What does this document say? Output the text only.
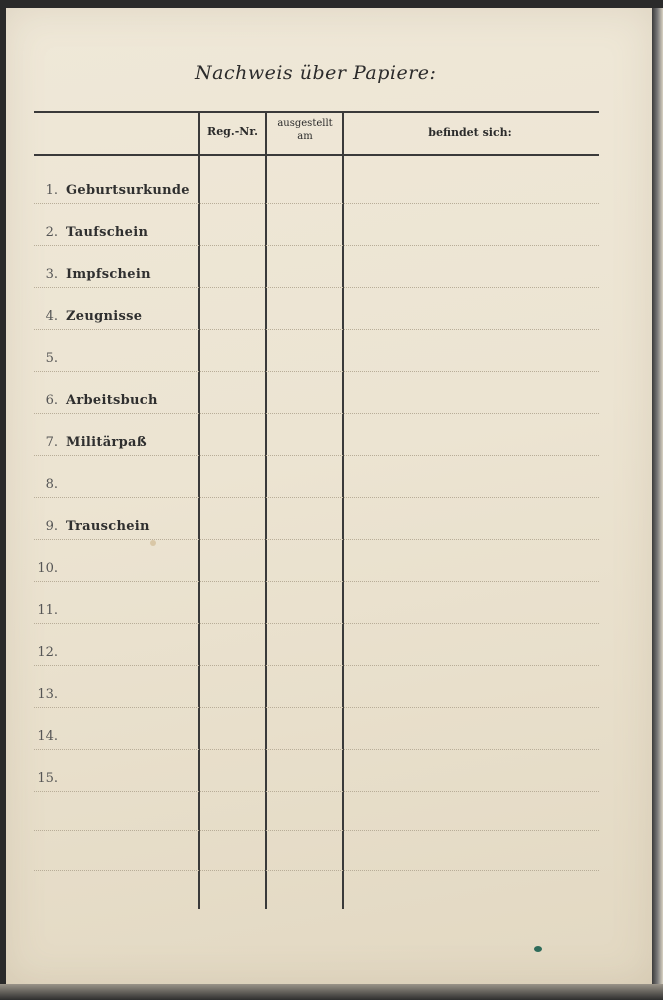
Nachweis über Papiere:
Reg.-Nr.
ausgestellt am	befindet sich:
1. Geburtsurkunde
2. Taufschein
3. Impfschein
4. Zeugnisse
5.
6. Arbeitsbuch
7. Militärpaß
8.
9. Trauschein
10.
11.
12.
13.
14.
15.
